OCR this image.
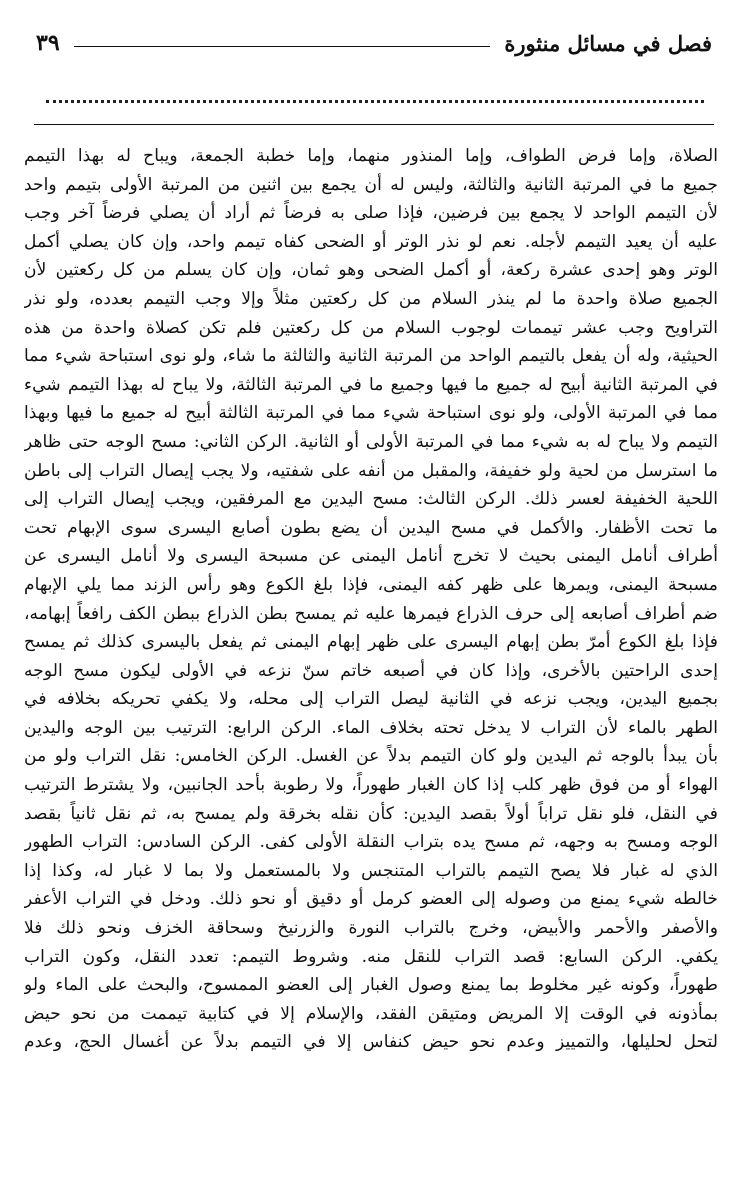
فصل في مسائل منثورة
٣٩
الصلاة، وإما فرض الطواف، وإما المنذور منهما، وإما خطبة الجمعة، ويباح له بهذا التيمم
جميع ما في المرتبة الثانية والثالثة، وليس له أن يجمع بين اثنين من المرتبة الأولى بتيمم واحد
لأن التيمم الواحد لا يجمع بين فرضين، فإذا صلى به فرضاً ثم أراد أن يصلي فرضاً آخر وجب
عليه أن يعيد التيمم لأجله. نعم لو نذر الوتر أو الضحى كفاه تيمم واحد، وإن كان يصلي أكمل
الوتر وهو إحدى عشرة ركعة، أو أكمل الضحى وهو ثمان، وإن كان يسلم من كل ركعتين لأن
الجميع صلاة واحدة ما لم ينذر السلام من كل ركعتين مثلاً وإلا وجب التيمم بعدده، ولو نذر
التراويح وجب عشر تيممات لوجوب السلام من كل ركعتين فلم تكن كصلاة واحدة من هذه
الحيثية، وله أن يفعل بالتيمم الواحد من المرتبة الثانية والثالثة ما شاء، ولو نوى استباحة شيء مما
في المرتبة الثانية أبيح له جميع ما فيها وجميع ما في المرتبة الثالثة، ولا يباح له بهذا التيمم شيء
مما في المرتبة الأولى، ولو نوى استباحة شيء مما في المرتبة الثالثة أبيح له جميع ما فيها وبهذا
التيمم ولا يباح له به شيء مما في المرتبة الأولى أو الثانية. الركن الثاني: مسح الوجه حتى ظاهر
ما استرسل من لحية ولو خفيفة، والمقبل من أنفه على شفتيه، ولا يجب إيصال التراب إلى باطن
اللحية الخفيفة لعسر ذلك. الركن الثالث: مسح اليدين مع المرفقين، ويجب إيصال التراب إلى
ما تحت الأظفار. والأكمل في مسح اليدين أن يضع بطون أصابع اليسرى سوى الإبهام تحت
أطراف أنامل اليمنى بحيث لا تخرج أنامل اليمنى عن مسبحة اليسرى ولا أنامل اليسرى عن
مسبحة اليمنى، ويمرها على ظهر كفه اليمنى، فإذا بلغ الكوع وهو رأس الزند مما يلي الإبهام
ضم أطراف أصابعه إلى حرف الذراع فيمرها عليه ثم يمسح بطن الذراع ببطن الكف رافعاً إبهامه،
فإذا بلغ الكوع أمرّ بطن إبهام اليسرى على ظهر إبهام اليمنى ثم يفعل باليسرى كذلك ثم يمسح
إحدى الراحتين بالأخرى، وإذا كان في أصبعه خاتم سنّ نزعه في الأولى ليكون مسح الوجه
بجميع اليدين، ويجب نزعه في الثانية ليصل التراب إلى محله، ولا يكفي تحريكه بخلافه في
الطهر بالماء لأن التراب لا يدخل تحته بخلاف الماء. الركن الرابع: الترتيب بين الوجه واليدين
بأن يبدأ بالوجه ثم اليدين ولو كان التيمم بدلاً عن الغسل. الركن الخامس: نقل التراب ولو من
الهواء أو من فوق ظهر كلب إذا كان الغبار طهوراً، ولا رطوبة بأحد الجانبين، ولا يشترط الترتيب
في النقل، فلو نقل تراباً أولاً بقصد اليدين: كأن نقله بخرقة ولم يمسح به، ثم نقل ثانياً بقصد
الوجه ومسح به وجهه، ثم مسح يده بتراب النقلة الأولى كفى. الركن السادس: التراب الطهور
الذي له غبار فلا يصح التيمم بالتراب المتنجس ولا بالمستعمل ولا بما لا غبار له، وكذا إذا
خالطه شيء يمنع من وصوله إلى العضو كرمل أو دقيق أو نحو ذلك. ودخل في التراب الأعفر
والأصفر والأحمر والأبيض، وخرج بالتراب النورة والزرنيخ وسحاقة الخزف ونحو ذلك فلا
يكفي. الركن السابع: قصد التراب للنقل منه. وشروط التيمم: تعدد النقل، وكون التراب
طهوراً، وكونه غير مخلوط بما يمنع وصول الغبار إلى العضو الممسوح، والبحث على الماء ولو
بمأذونه في الوقت إلا المريض ومتيقن الفقد، والإسلام إلا في كتابية تيممت من نحو حيض
لتحل لحليلها، والتمييز وعدم نحو حيض كنفاس إلا في التيمم بدلاً عن أغسال الحج، وعدم
